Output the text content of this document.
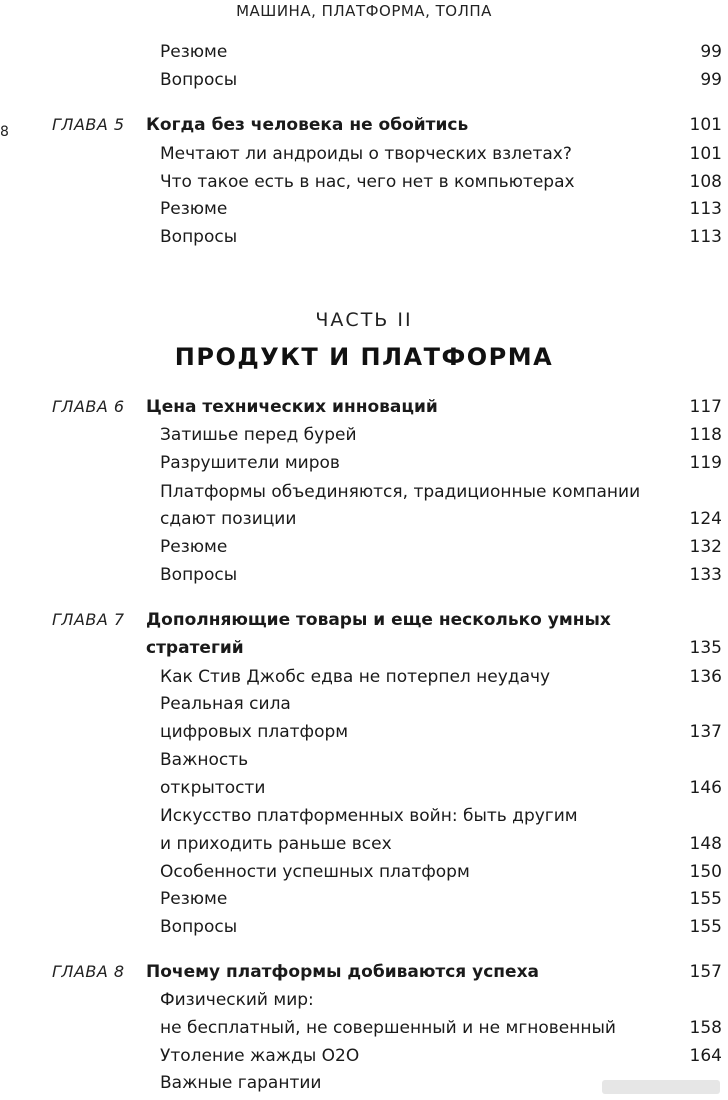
МАШИНА, ПЛАТФОРМА, ТОЛПА
8
ЧАСТЬ II
ПРОДУКТ И ПЛАТФОРМА
Резюме	99
Вопросы	99
ГЛАВА 5 Когда без человека не обойтись	101
Мечтают ли андроиды о творческих взлетах?	101
Что такое есть в нас, чего нет в компьютерах	108
Резюме	113
Вопросы	113
ГЛАВА 6 Цена технических инноваций	117
Затишье перед бурей	118
Разрушители миров	119
Платформы объединяются, традиционные компании
сдают позиции	124
Резюме	132
Вопросы	133
ГЛАВА 7 Дополняющие товары и еще несколько умных
стратегий	135
Как Стив Джобс едва не потерпел неудачу	136
Реальная сила
цифровых платформ	137
Важность
открытости	146
Искусство платформенных войн: быть другим
и приходить раньше всех	148
Особенности успешных платформ	150
Резюме	155
Вопросы	155
ГЛАВА 8 Почему платформы добиваются успеха	157
Физический мир:
не бесплатный, не совершенный и не мгновенный	158
Утоление жажды O2O	164
Важные гарантии
